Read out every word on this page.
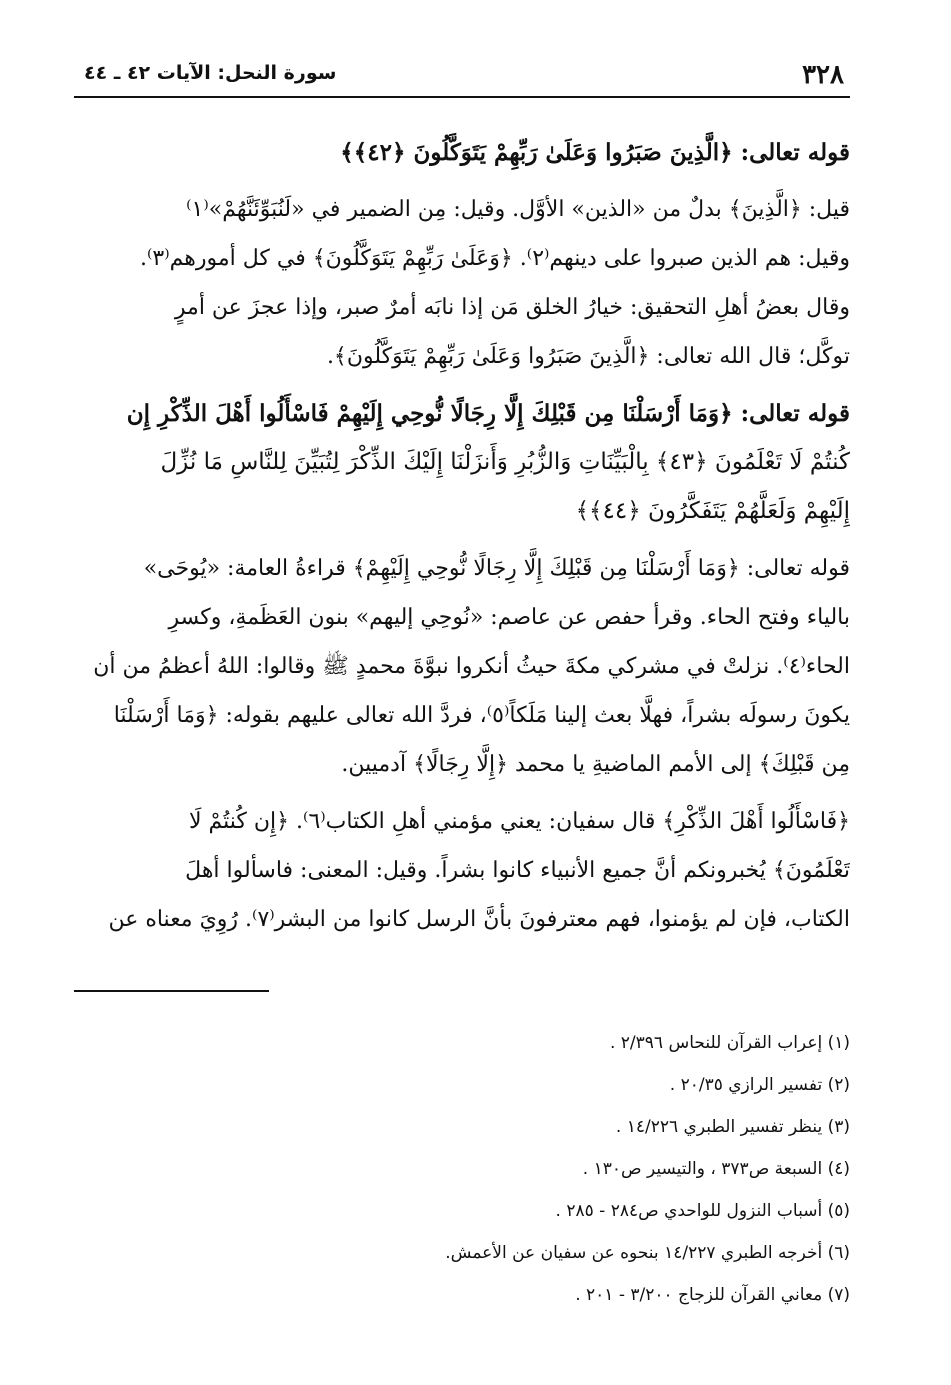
٣٢٨
سورة النحل: الآيات ٤٢ ـ ٤٤
قوله تعالى: ﴿الَّذِينَ صَبَرُوا وَعَلَىٰ رَبِّهِمْ يَتَوَكَّلُونَ ﴿٤٢﴾﴾
قيل: ﴿الَّذِينَ﴾ بدلٌ من «الذين» الأوَّل. وقيل: مِن الضمير في «لَنُبَوِّئَنَّهُمْ»⁽١⁾
وقيل: هم الذين صبروا على دينهم⁽٢⁾. ﴿وَعَلَىٰ رَبِّهِمْ يَتَوَكَّلُونَ﴾ في كل أمورهم⁽٣⁾.
وقال بعضُ أهلِ التحقيق: خيارُ الخلق مَن إذا نابَه أمرٌ صبر، وإذا عجزَ عن أمرٍ
توكَّل؛ قال الله تعالى: ﴿الَّذِينَ صَبَرُوا وَعَلَىٰ رَبِّهِمْ يَتَوَكَّلُونَ﴾.
قوله تعالى: ﴿وَمَا أَرْسَلْنَا مِن قَبْلِكَ إِلَّا رِجَالًا نُّوحِي إِلَيْهِمْ فَاسْأَلُوا أَهْلَ الذِّكْرِ إِن
كُنتُمْ لَا تَعْلَمُونَ ﴿٤٣﴾ بِالْبَيِّنَاتِ وَالزُّبُرِ وَأَنزَلْنَا إِلَيْكَ الذِّكْرَ لِتُبَيِّنَ لِلنَّاسِ مَا نُزِّلَ
إِلَيْهِمْ وَلَعَلَّهُمْ يَتَفَكَّرُونَ ﴿٤٤﴾﴾
قوله تعالى: ﴿وَمَا أَرْسَلْنَا مِن قَبْلِكَ إِلَّا رِجَالًا نُّوحِي إِلَيْهِمْ﴾ قراءةُ العامة: «يُوحَى»
بالياء وفتح الحاء. وقرأ حفص عن عاصم: «نُوحِي إليهم» بنون العَظَمةِ، وكسرِ
الحاء⁽٤⁾. نزلتْ في مشركي مكةَ حيثُ أنكروا نبوَّةَ محمدٍ ﷺ وقالوا: اللهُ أعظمُ من أن
يكونَ رسولَه بشراً، فهلَّا بعث إلينا مَلَكاً⁽٥⁾، فردَّ الله تعالى عليهم بقوله: ﴿وَمَا أَرْسَلْنَا
مِن قَبْلِكَ﴾ إلى الأمم الماضيةِ يا محمد ﴿إِلَّا رِجَالًا﴾ آدميين.
﴿فَاسْأَلُوا أَهْلَ الذِّكْرِ﴾ قال سفيان: يعني مؤمني أهلِ الكتاب⁽٦⁾. ﴿إِن كُنتُمْ لَا
تَعْلَمُونَ﴾ يُخبرونكم أنَّ جميع الأنبياء كانوا بشراً. وقيل: المعنى: فاسألوا أهلَ
الكتاب، فإن لم يؤمنوا، فهم معترفونَ بأنَّ الرسل كانوا من البشر⁽٧⁾. رُوِيَ معناه عن
(١) إعراب القرآن للنحاس ٢/٣٩٦ .
(٢) تفسير الرازي ٢٠/٣٥ .
(٣) ينظر تفسير الطبري ١٤/٢٢٦ .
(٤) السبعة ص٣٧٣ ، والتيسير ص١٣٠ .
(٥) أسباب النزول للواحدي ص٢٨٤ - ٢٨٥ .
(٦) أخرجه الطبري ١٤/٢٢٧ بنحوه عن سفيان عن الأعمش.
(٧) معاني القرآن للزجاج ٣/٢٠٠ - ٢٠١ .
